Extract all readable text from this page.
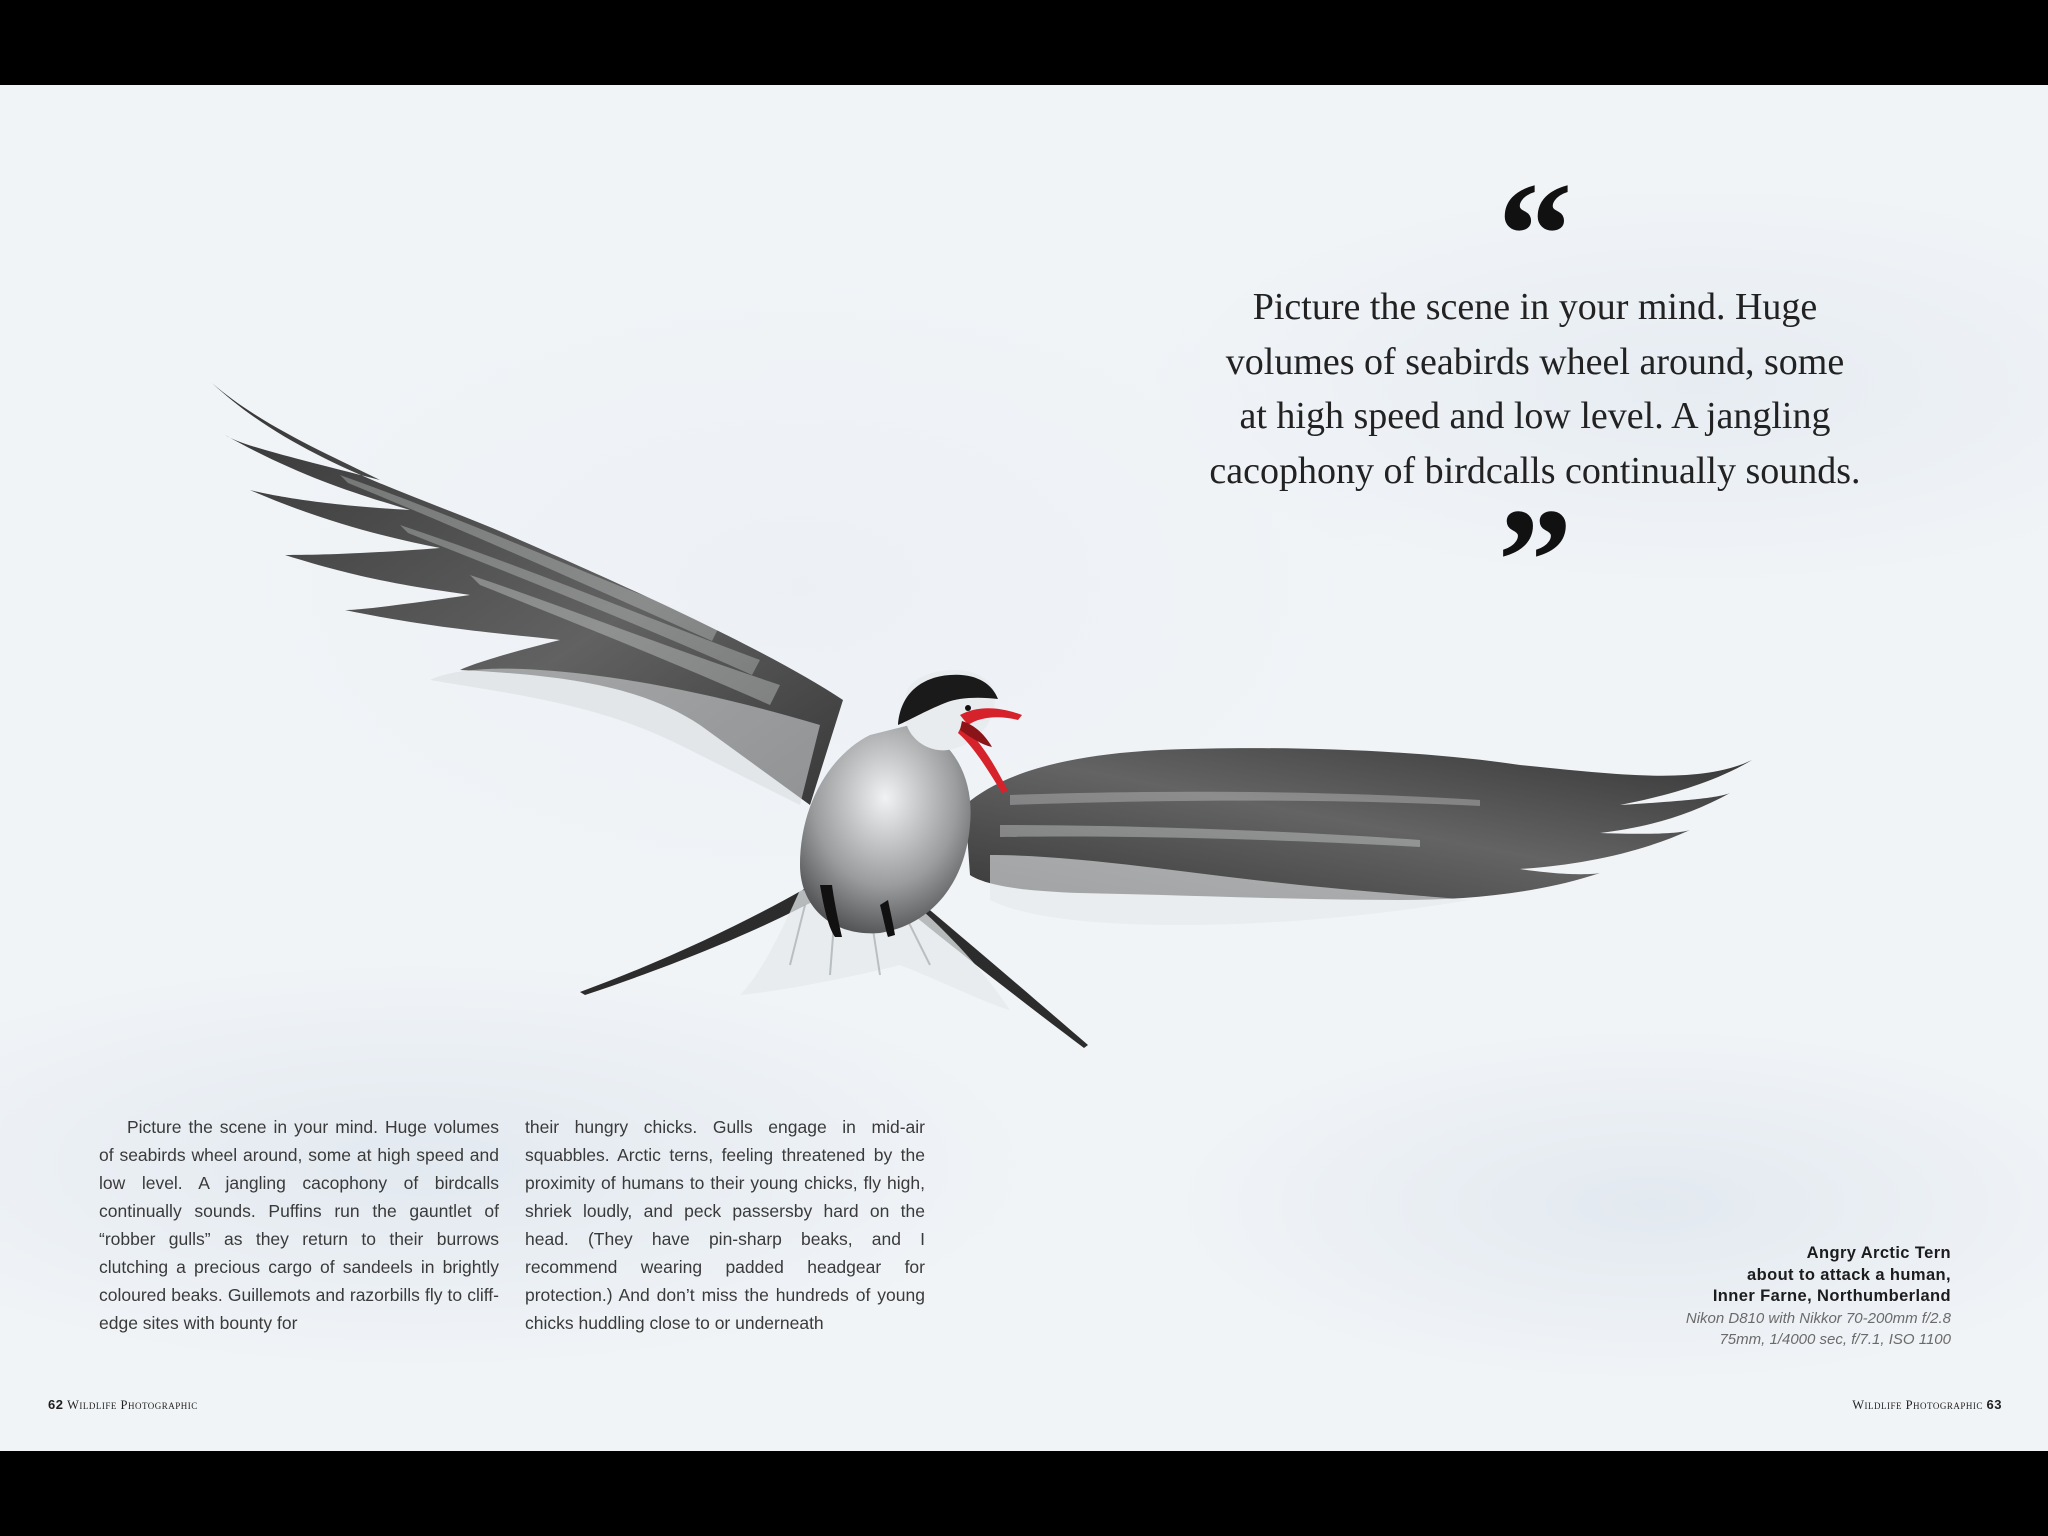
“
Picture the scene in your mind. Huge
volumes of seabirds wheel around, some
at high speed and low level. A jangling
cacophony of birdcalls continually sounds.
”
Picture the scene in your mind. Huge volumes of seabirds wheel around, some at high speed and low level. A jangling cacophony of birdcalls continually sounds. Puffins run the gauntlet of “robber gulls” as they return to their burrows clutching a precious cargo of sandeels in brightly coloured beaks. Guillemots and razorbills fly to cliff-edge sites with bounty for
their hungry chicks. Gulls engage in mid-air squabbles. Arctic terns, feeling threatened by the proximity of humans to their young chicks, fly high, shriek loudly, and peck passersby hard on the head. (They have pin-sharp beaks, and I recommend wearing padded headgear for protection.) And don’t miss the hundreds of young chicks huddling close to or underneath
Angry Arctic Tern
about to attack a human,
Inner Farne, Northumberland
Nikon D810 with Nikkor 70-200mm f/2.8
75mm, 1/4000 sec, f/7.1, ISO 1100
62 Wildlife Photographic	Wildlife Photographic 63
